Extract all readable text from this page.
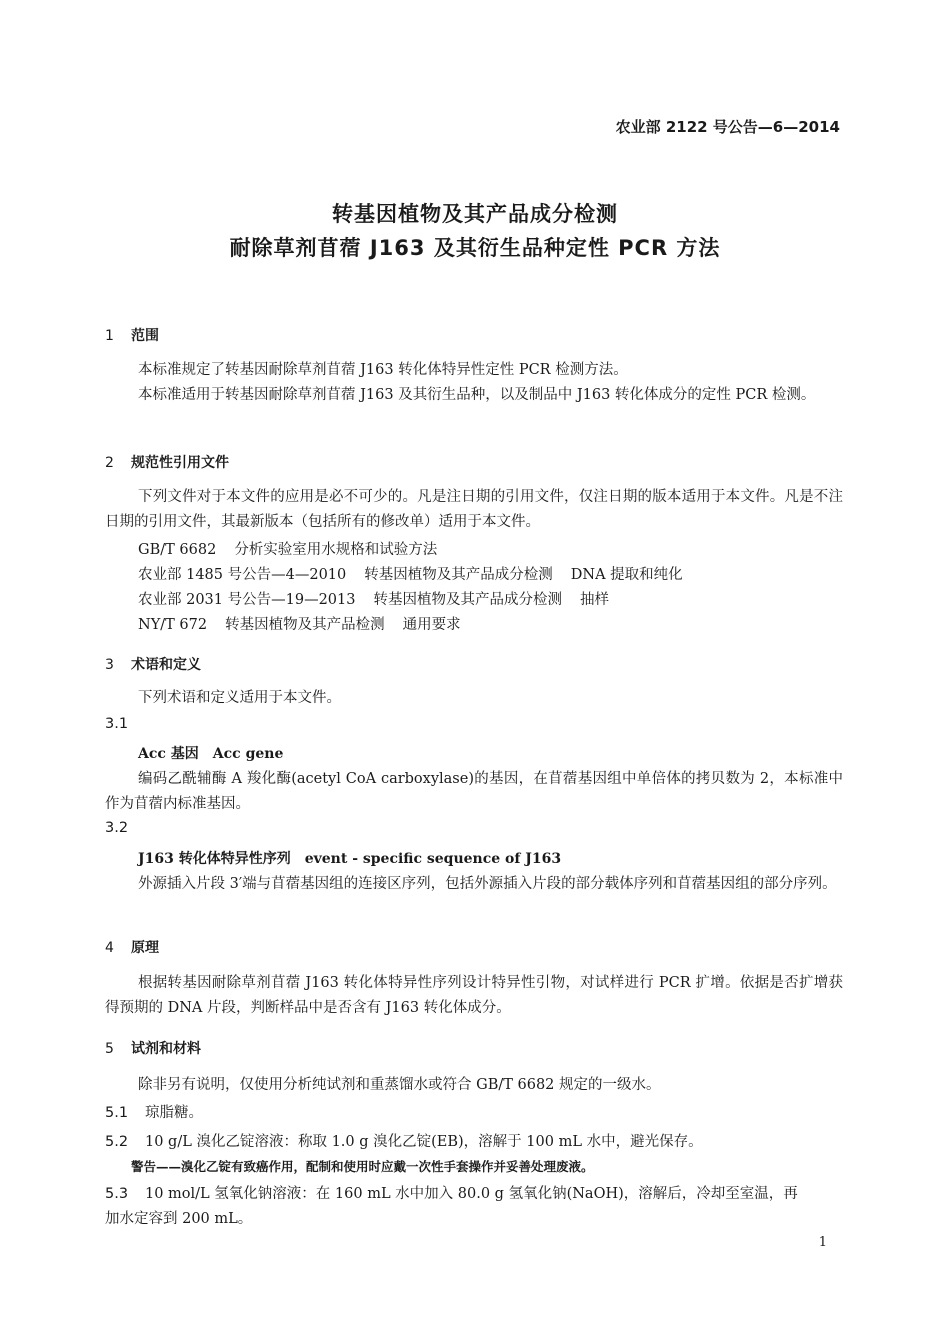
农业部 2122 号公告—6—2014
转基因植物及其产品成分检测
耐除草剂苜蓿 J163 及其衍生品种定性 PCR 方法
1 范围
本标准规定了转基因耐除草剂苜蓿 J163 转化体特异性定性 PCR 检测方法。
本标准适用于转基因耐除草剂苜蓿 J163 及其衍生品种，以及制品中 J163 转化体成分的定性 PCR 检测。
2 规范性引用文件
下列文件对于本文件的应用是必不可少的。凡是注日期的引用文件，仅注日期的版本适用于本文件。凡是不注日期的引用文件，其最新版本（包括所有的修改单）适用于本文件。
GB/T 6682 分析实验室用水规格和试验方法
农业部 1485 号公告—4—2010 转基因植物及其产品成分检测 DNA 提取和纯化
农业部 2031 号公告—19—2013 转基因植物及其产品成分检测 抽样
NY/T 672 转基因植物及其产品检测 通用要求
3 术语和定义
下列术语和定义适用于本文件。
3.1
Acc 基因　Acc gene
编码乙酰辅酶 A 羧化酶(acetyl CoA carboxylase)的基因，在苜蓿基因组中单倍体的拷贝数为 2，本标准中作为苜蓿内标准基因。
3.2
J163 转化体特异性序列　event - specific sequence of J163
外源插入片段 3′端与苜蓿基因组的连接区序列，包括外源插入片段的部分载体序列和苜蓿基因组的部分序列。
4 原理
根据转基因耐除草剂苜蓿 J163 转化体特异性序列设计特异性引物，对试样进行 PCR 扩增。依据是否扩增获得预期的 DNA 片段，判断样品中是否含有 J163 转化体成分。
5 试剂和材料
除非另有说明，仅使用分析纯试剂和重蒸馏水或符合 GB/T 6682 规定的一级水。
5.1 琼脂糖。
5.2 10 g/L 溴化乙锭溶液：称取 1.0 g 溴化乙锭(EB)，溶解于 100 mL 水中，避光保存。
警告——溴化乙锭有致癌作用，配制和使用时应戴一次性手套操作并妥善处理废液。
5.3 10 mol/L 氢氧化钠溶液：在 160 mL 水中加入 80.0 g 氢氧化钠(NaOH)，溶解后，冷却至室温，再
加水定容到 200 mL。
1
